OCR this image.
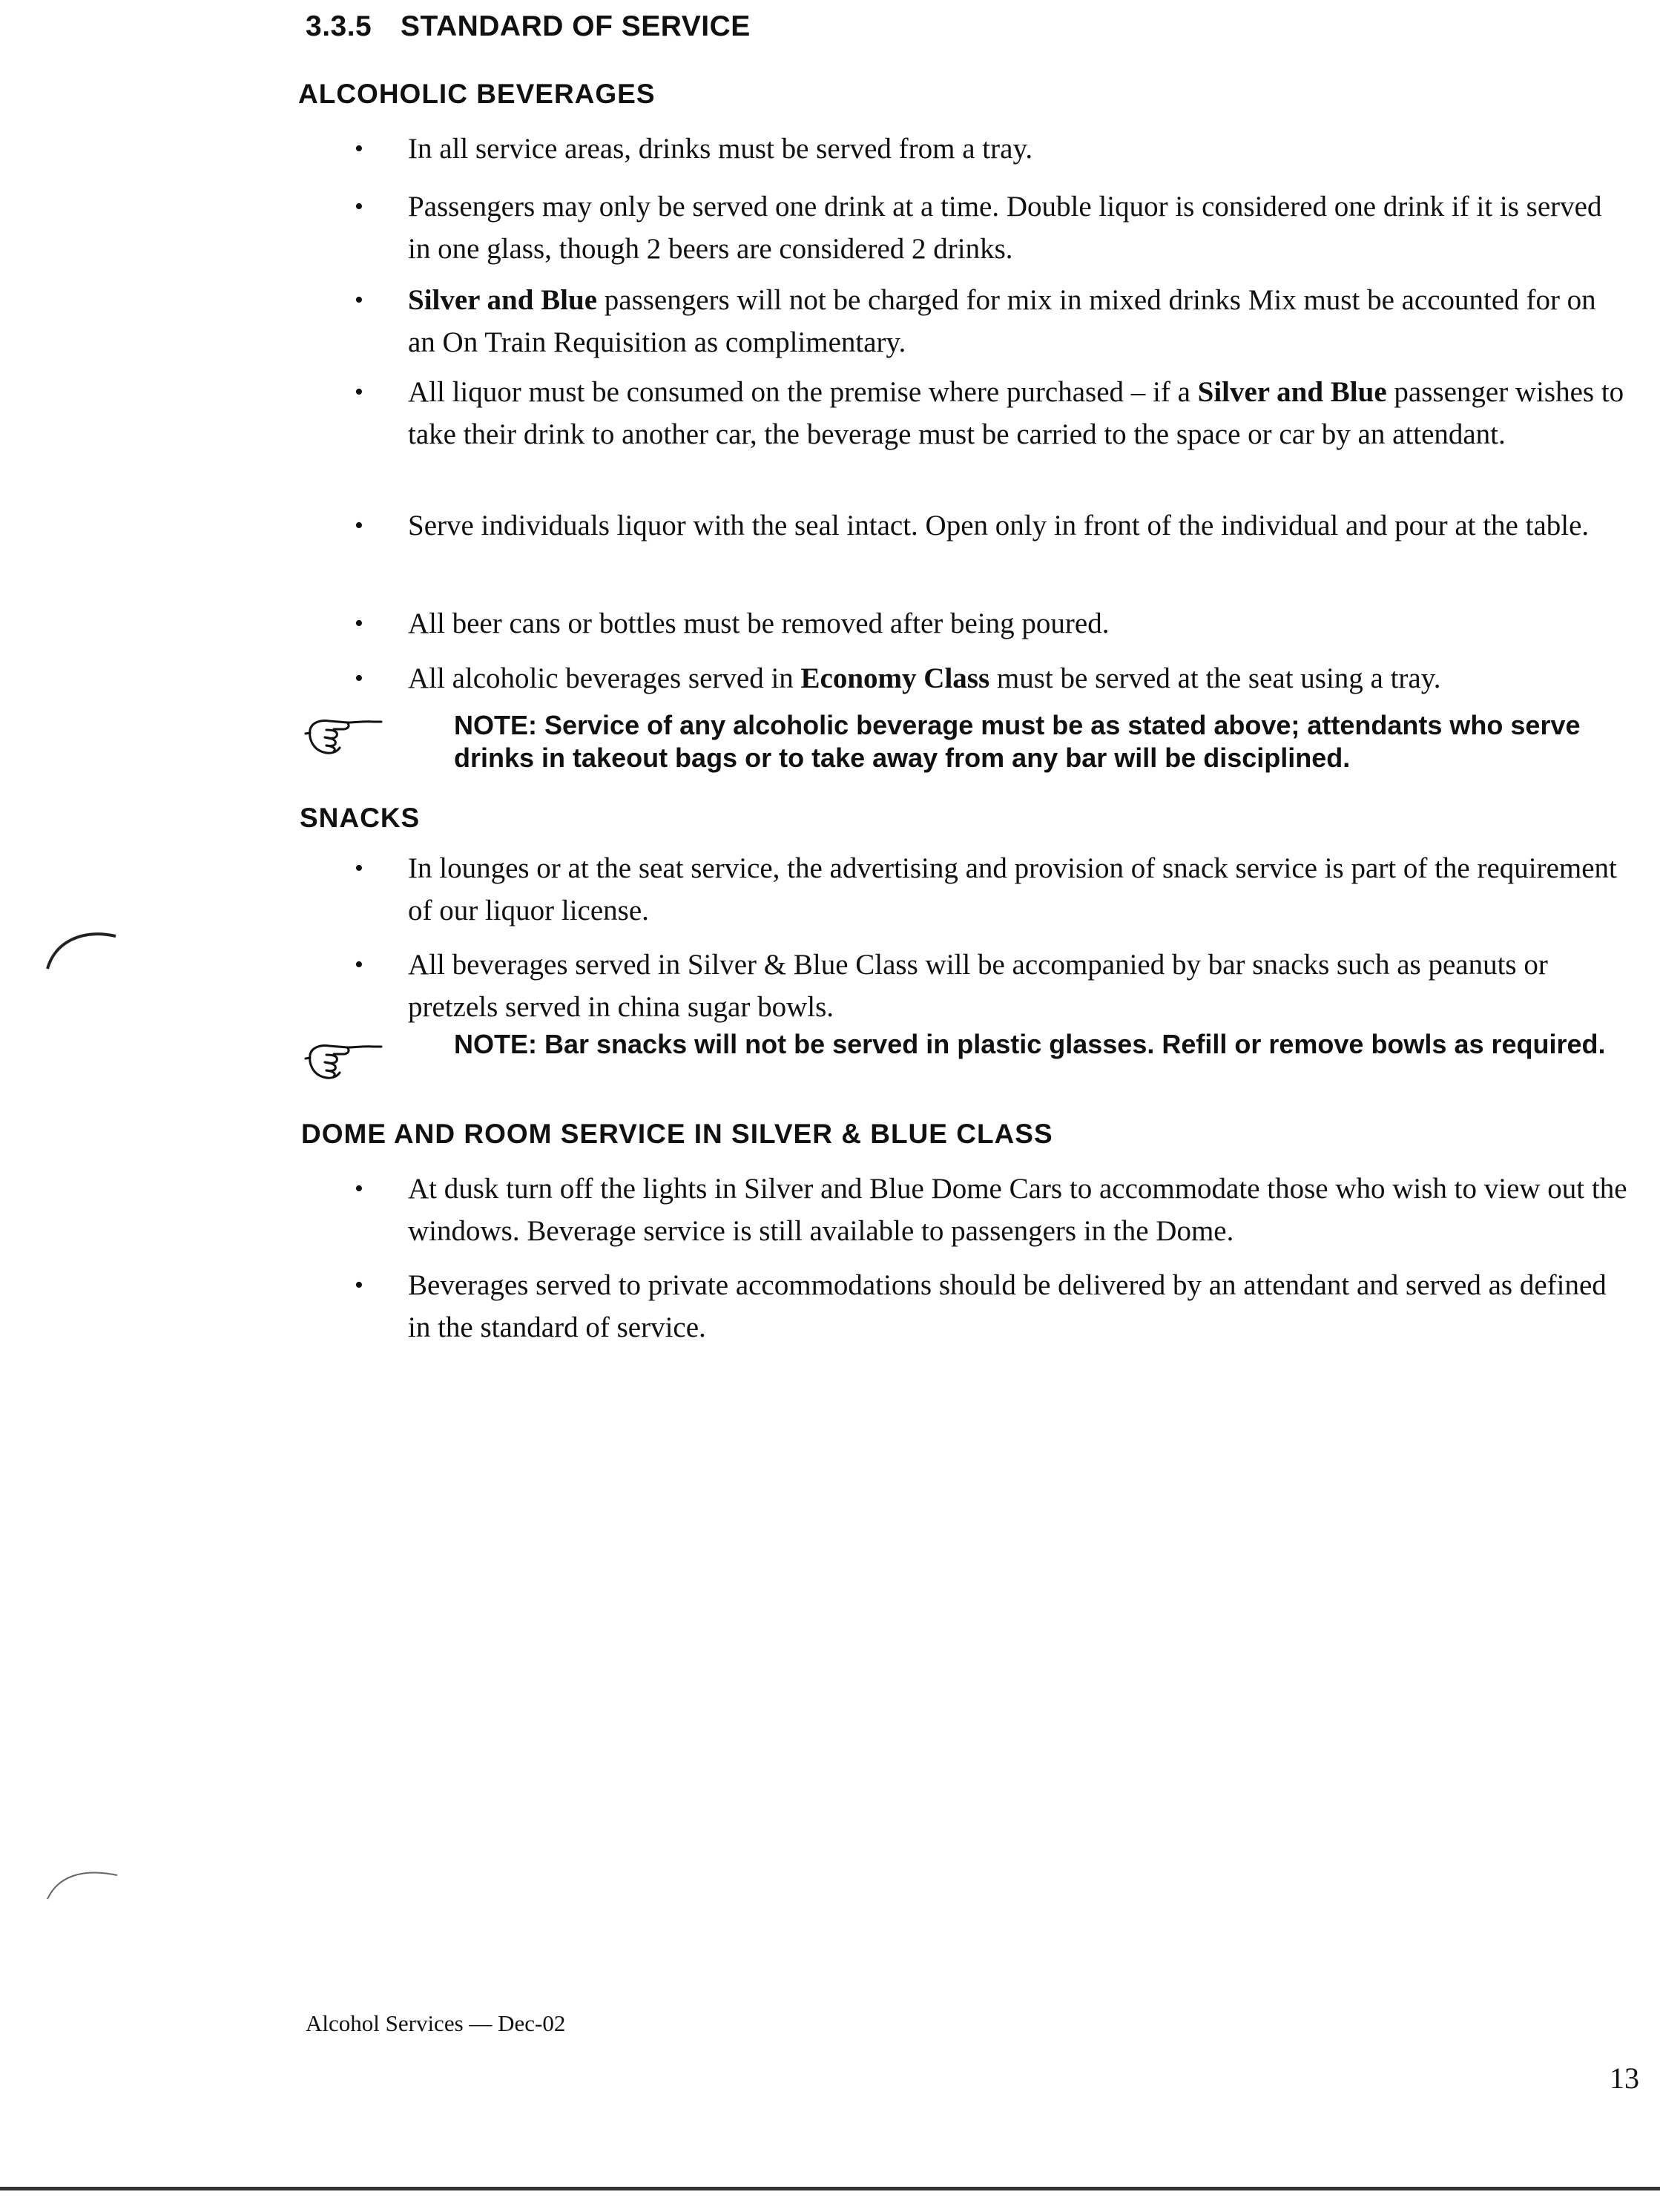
3.3.5 STANDARD OF SERVICE
ALCOHOLIC BEVERAGES
•	In all service areas, drinks must be served from a tray.
•	Passengers may only be served one drink at a time. Double liquor is considered one drink if it is served in one glass, though 2 beers are considered 2 drinks.
•	Silver and Blue passengers will not be charged for mix in mixed drinks Mix must be accounted for on an On Train Requisition as complimentary.
•	All liquor must be consumed on the premise where purchased – if a Silver and Blue passenger wishes to take their drink to another car, the beverage must be carried to the space or car by an attendant.
•	Serve individuals liquor with the seal intact. Open only in front of the individual and pour at the table.
•	All beer cans or bottles must be removed after being poured.
•	All alcoholic beverages served in Economy Class must be served at the seat using a tray.
NOTE: Service of any alcoholic beverage must be as stated above; attendants who serve drinks in takeout bags or to take away from any bar will be disciplined.
SNACKS
•	In lounges or at the seat service, the advertising and provision of snack service is part of the requirement of our liquor license.
•	All beverages served in Silver & Blue Class will be accompanied by bar snacks such as peanuts or pretzels served in china sugar bowls.
NOTE: Bar snacks will not be served in plastic glasses. Refill or remove bowls as required.
DOME AND ROOM SERVICE IN SILVER & BLUE CLASS
•	At dusk turn off the lights in Silver and Blue Dome Cars to accommodate those who wish to view out the windows. Beverage service is still available to passengers in the Dome.
•	Beverages served to private accommodations should be delivered by an attendant and served as defined in the standard of service.
Alcohol Services — Dec-02
13
